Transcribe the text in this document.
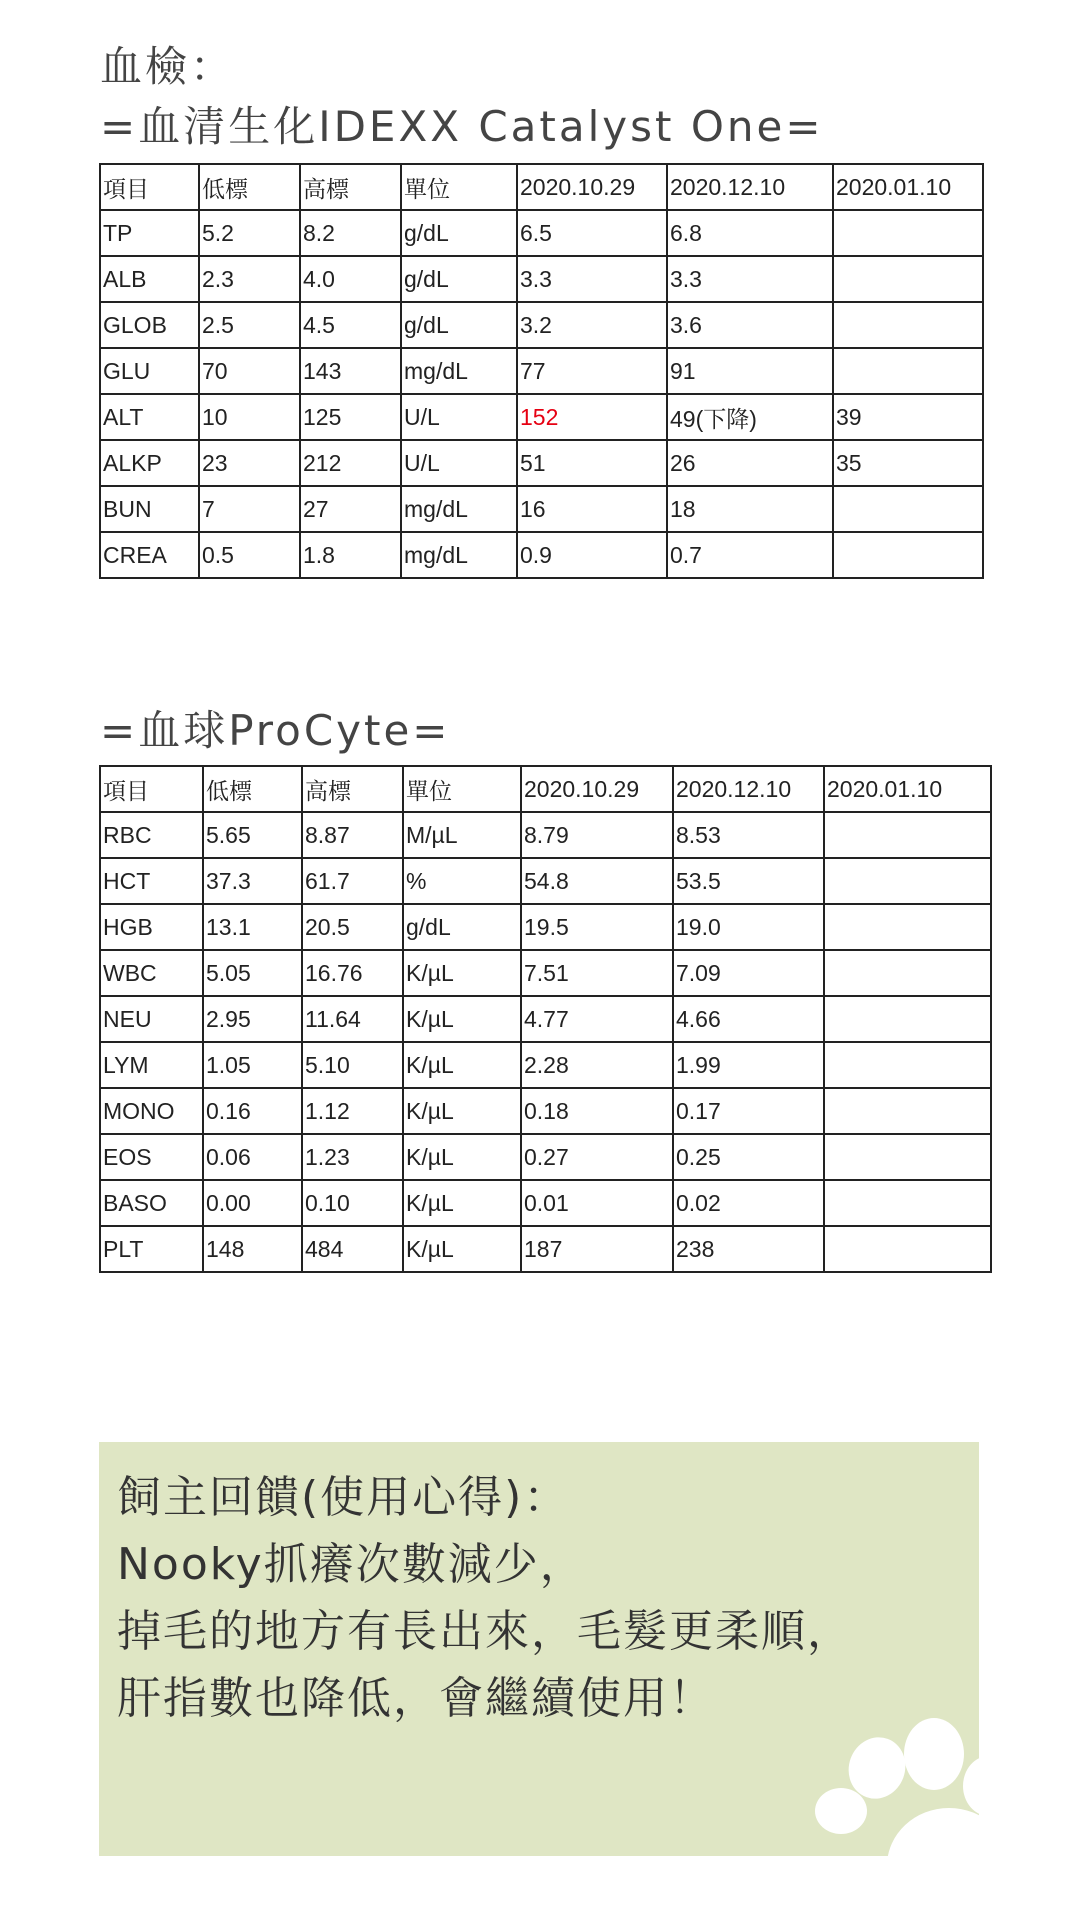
血檢：
=血清生化IDEXX Catalyst One=
項目	低標	高標	單位	2020.10.29	2020.12.10	2020.01.10
TP	5.2	8.2	g/dL	6.5	6.8	
ALB	2.3	4.0	g/dL	3.3	3.3	
GLOB	2.5	4.5	g/dL	3.2	3.6	
GLU	70	143	mg/dL	77	91	
ALT	10	125	U/L	152	49(下降)	39
ALKP	23	212	U/L	51	26	35
BUN	7	27	mg/dL	16	18	
CREA	0.5	1.8	mg/dL	0.9	0.7	
=血球ProCyte=
項目	低標	高標	單位	2020.10.29	2020.12.10	2020.01.10
RBC	5.65	8.87	M/µL	8.79	8.53	
HCT	37.3	61.7	%	54.8	53.5	
HGB	13.1	20.5	g/dL	19.5	19.0	
WBC	5.05	16.76	K/µL	7.51	7.09	
NEU	2.95	11.64	K/µL	4.77	4.66	
LYM	1.05	5.10	K/µL	2.28	1.99	
MONO	0.16	1.12	K/µL	0.18	0.17	
EOS	0.06	1.23	K/µL	0.27	0.25	
BASO	0.00	0.10	K/µL	0.01	0.02	
PLT	148	484	K/µL	187	238	
飼主回饋(使用心得)：
Nooky抓癢次數減少，
掉毛的地方有長出來，毛髮更柔順，
肝指數也降低，會繼續使用！
